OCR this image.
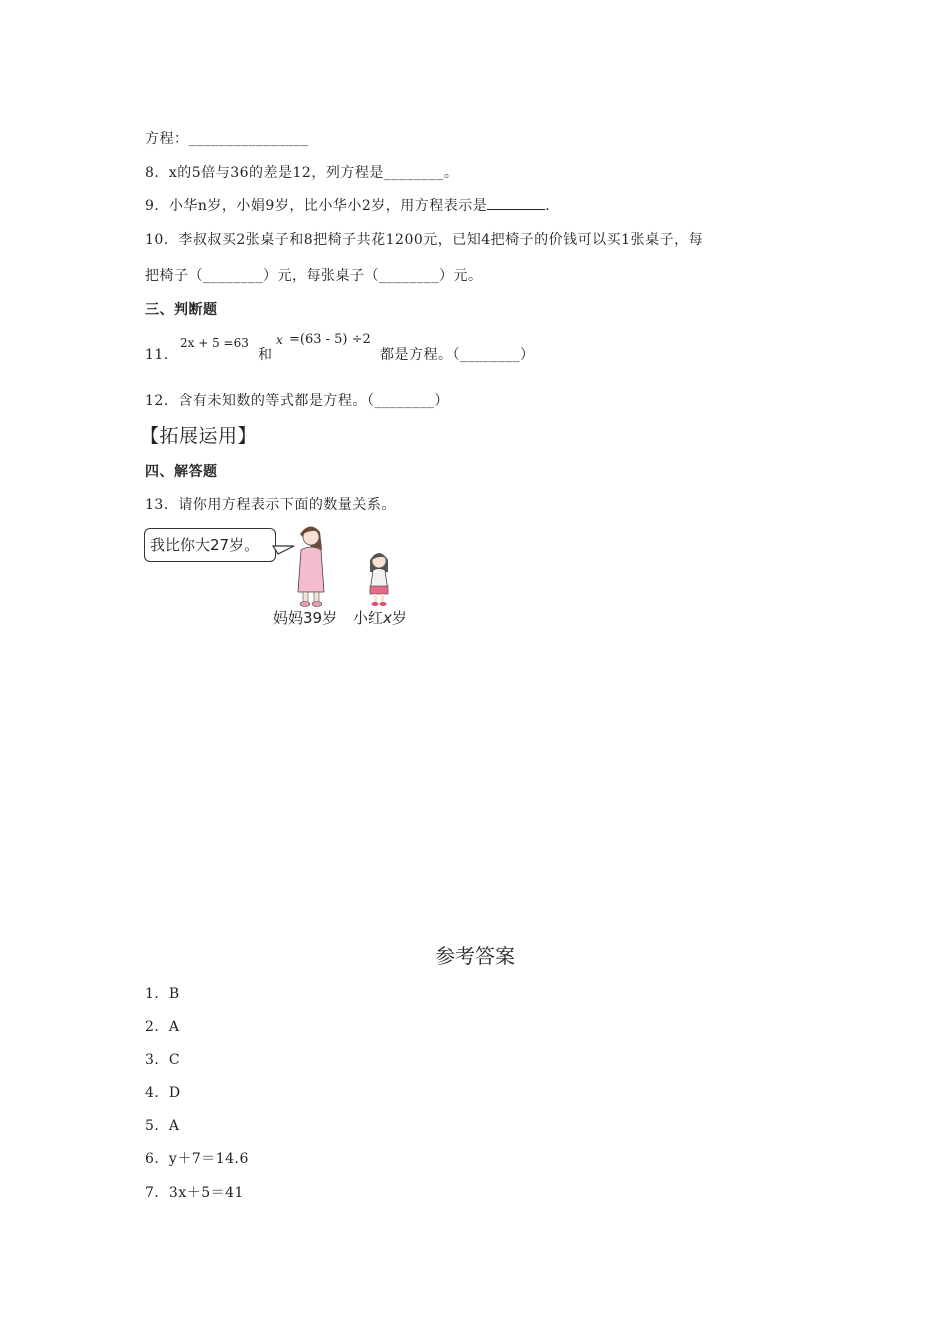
方程：________________
8．x的5倍与36的差是12，列方程是________。
9．小华n岁，小娟9岁，比小华小2岁，用方程表示是	.
10．李叔叔买2张桌子和8把椅子共花1200元，已知4把椅子的价钱可以买1张桌子，每
把椅子（________）元，每张桌子（________）元。
三、判断题
11．
2x + 5 =63
和
x =(63 - 5) ÷2
都是方程。（________）
12．含有未知数的等式都是方程。（________）
【拓展运用】
四、解答题
13．请你用方程表示下面的数量关系。
我比你大27岁。
妈妈39岁 小红x岁
参考答案
1．B
2．A
3．C
4．D
5．A
6．y＋7＝14.6
7．3x＋5＝41
